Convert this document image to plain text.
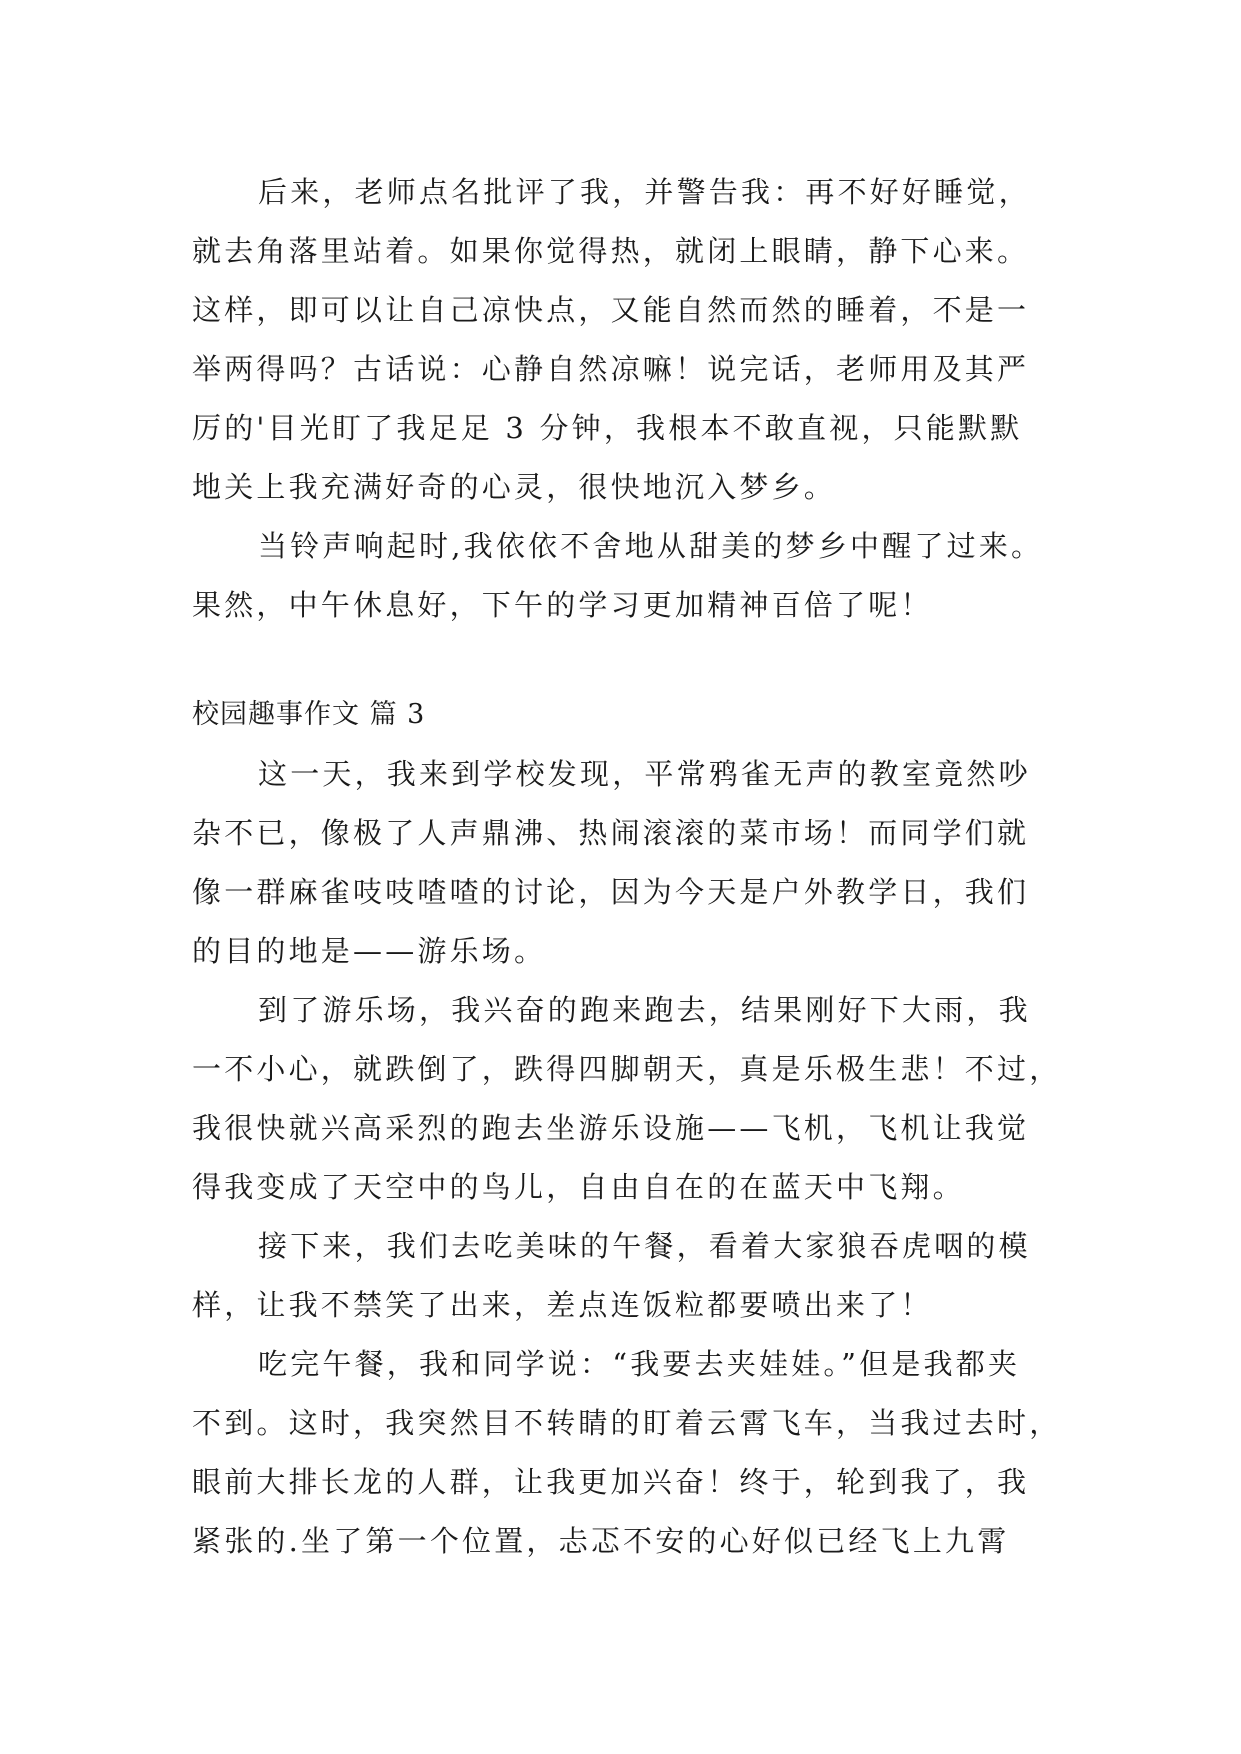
后来，老师点名批评了我，并警告我：再不好好睡觉，
就去角落里站着。如果你觉得热，就闭上眼睛，静下心来。
这样，即可以让自己凉快点，又能自然而然的睡着，不是一
举两得吗？古话说：心静自然凉嘛！说完话，老师用及其严
厉的'目光盯了我足足 3 分钟，我根本不敢直视，只能默默
地关上我充满好奇的心灵，很快地沉入梦乡。
当铃声响起时,我依依不舍地从甜美的梦乡中醒了过来。
果然，中午休息好，下午的学习更加精神百倍了呢！
校园趣事作文 篇 3
这一天，我来到学校发现，平常鸦雀无声的教室竟然吵
杂不已，像极了人声鼎沸、热闹滚滚的菜市场！而同学们就
像一群麻雀吱吱喳喳的讨论，因为今天是户外教学日，我们
的目的地是——游乐场。
到了游乐场，我兴奋的跑来跑去，结果刚好下大雨，我
一不小心，就跌倒了，跌得四脚朝天，真是乐极生悲！不过，
我很快就兴高采烈的跑去坐游乐设施——飞机，飞机让我觉
得我变成了天空中的鸟儿，自由自在的在蓝天中飞翔。
接下来，我们去吃美味的午餐，看着大家狼吞虎咽的模
样，让我不禁笑了出来，差点连饭粒都要喷出来了！
吃完午餐，我和同学说：“我要去夹娃娃。”但是我都夹
不到。这时，我突然目不转睛的盯着云霄飞车，当我过去时，
眼前大排长龙的人群，让我更加兴奋！终于，轮到我了，我
紧张的.坐了第一个位置，忐忑不安的心好似已经飞上九霄
